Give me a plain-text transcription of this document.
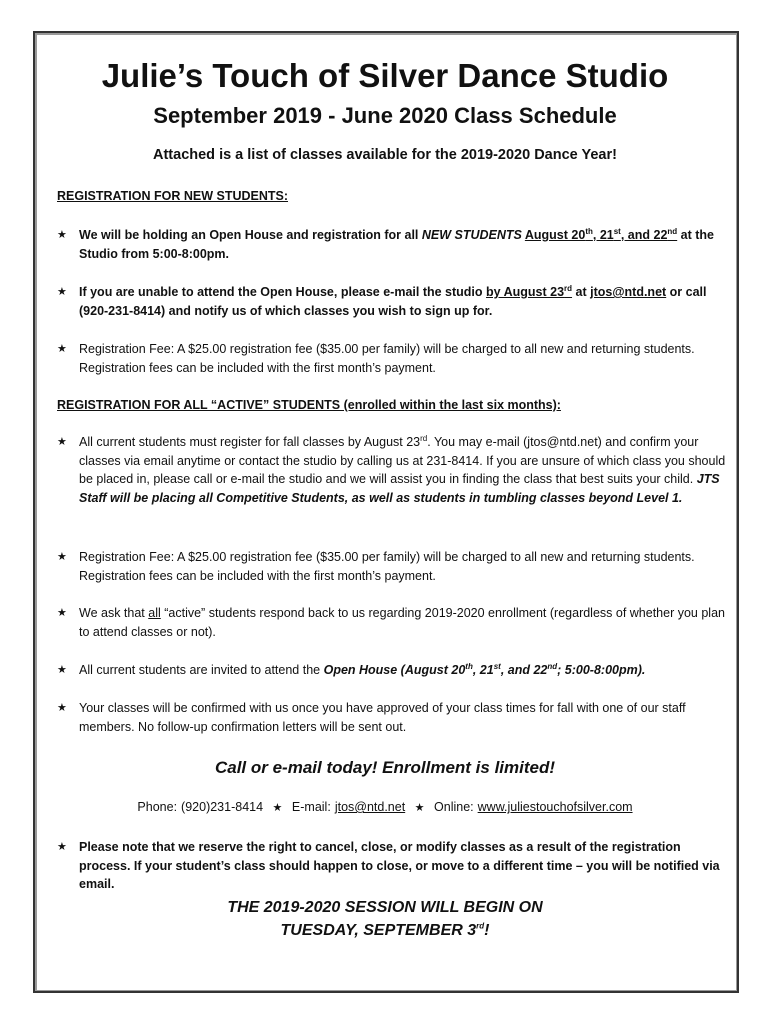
Julie’s Touch of Silver Dance Studio
September 2019 - June 2020 Class Schedule
Attached is a list of classes available for the 2019-2020 Dance Year!
REGISTRATION FOR NEW STUDENTS:
★ We will be holding an Open House and registration for all NEW STUDENTS August 20th, 21st, and 22nd at the Studio from 5:00-8:00pm.
★ If you are unable to attend the Open House, please e-mail the studio by August 23rd at jtos@ntd.net or call (920-231-8414) and notify us of which classes you wish to sign up for.
★ Registration Fee: A $25.00 registration fee ($35.00 per family) will be charged to all new and returning students. Registration fees can be included with the first month’s payment.
REGISTRATION FOR ALL “ACTIVE” STUDENTS (enrolled within the last six months):
★ All current students must register for fall classes by August 23rd. You may e-mail (jtos@ntd.net) and confirm your classes via email anytime or contact the studio by calling us at 231-8414. If you are unsure of which class you should be placed in, please call or e-mail the studio and we will assist you in finding the class that best suits your child. JTS Staff will be placing all Competitive Students, as well as students in tumbling classes beyond Level 1.
★ Registration Fee: A $25.00 registration fee ($35.00 per family) will be charged to all new and returning students. Registration fees can be included with the first month’s payment.
★ We ask that all “active” students respond back to us regarding 2019-2020 enrollment (regardless of whether you plan to attend classes or not).
★ All current students are invited to attend the Open House (August 20th, 21st, and 22nd; 5:00-8:00pm).
★ Your classes will be confirmed with us once you have approved of your class times for fall with one of our staff members. No follow-up confirmation letters will be sent out.
Call or e-mail today! Enrollment is limited!
Phone: (920)231-8414 ★ E-mail: jtos@ntd.net ★ Online: www.juliestouchofsilver.com
★ Please note that we reserve the right to cancel, close, or modify classes as a result of the registration process. If your student’s class should happen to close, or move to a different time – you will be notified via email.
THE 2019-2020 SESSION WILL BEGIN ON
TUESDAY, SEPTEMBER 3rd!
